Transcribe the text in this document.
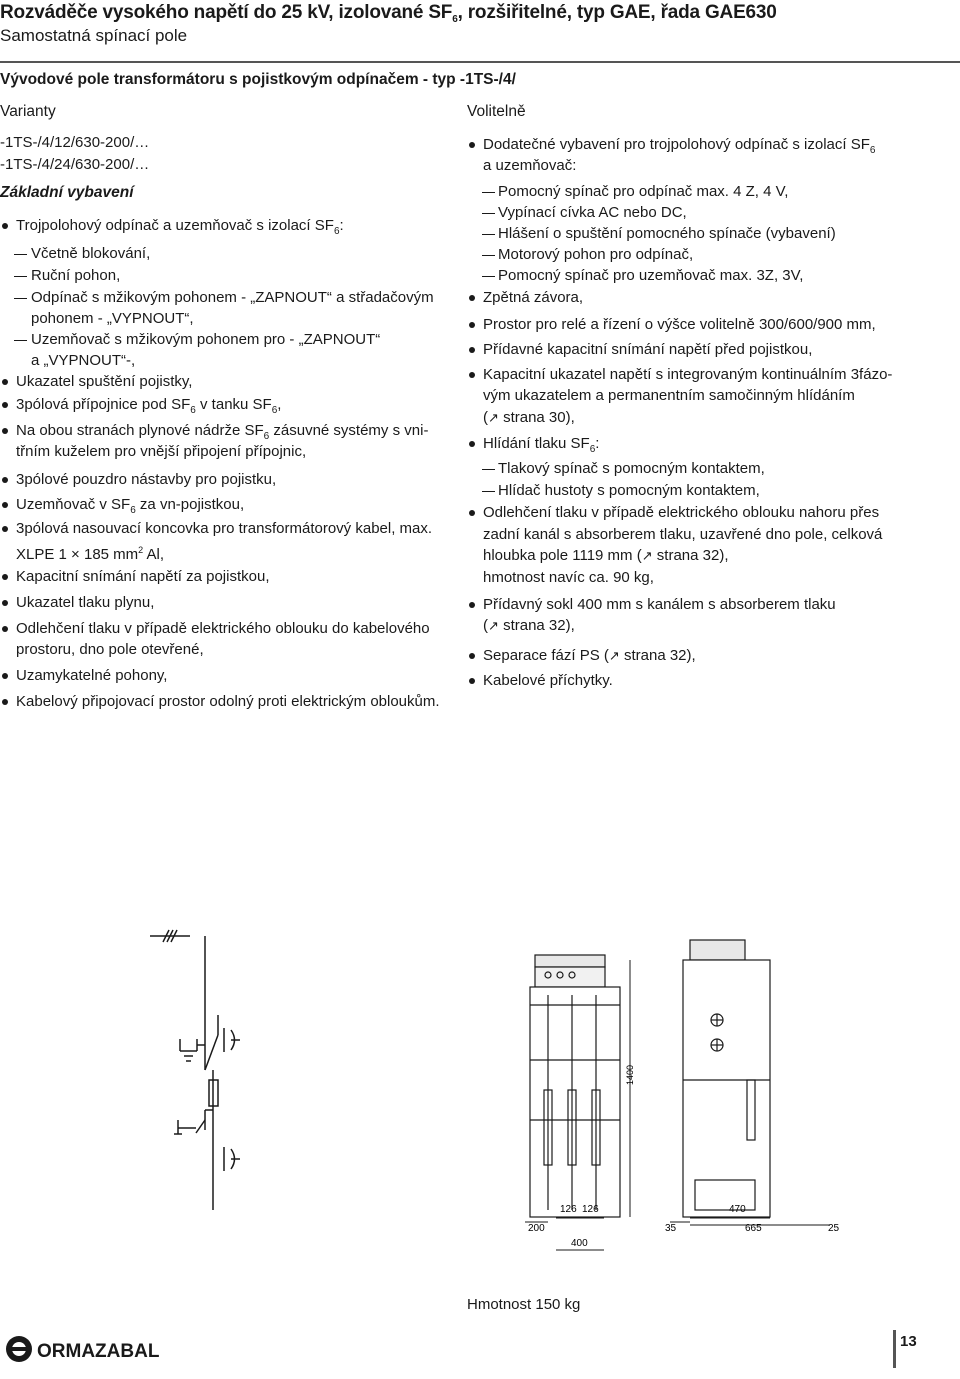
Rozváděče vysokého napětí do 25 kV, izolované $SF_6$, rozšiřitelné, typ GAE, řada GAE630
Samostatná spínací pole
Vývodové pole transformátoru s pojistkovým odpínačem - typ -1TS-/4/
Varianty
-1TS-/4/12/630-200/…
-1TS-/4/24/630-200/…
Základní vybavení
Trojpolohový odpínač a uzemňovač s izolací $SF_6$:
Včetně blokování,
Ruční pohon,
Odpínač s mžikovým pohonem - „ZAPNOUT“ a střadačovým
pohonem - „VYPNOUT“,
Uzemňovač s mžikovým pohonem pro - „ZAPNOUT“
a „VYPNOUT“-,
Ukazatel spuštění pojistky,
3pólová přípojnice pod $SF_6$ v tanku $SF_6$,
Na obou stranách plynové nádrže $SF_6$ zásuvné systémy s vni-
třním kuželem pro vnější připojení přípojnic,
3pólové pouzdro nástavby pro pojistku,
Uzemňovač v $SF_6$ za vn-pojistkou,
3pólová nasouvací koncovka pro transformátorový kabel, max.
XLPE 1 × 185 $mm^2$ Al,
Kapacitní snímání napětí za pojistkou,
Ukazatel tlaku plynu,
Odlehčení tlaku v případě elektrického oblouku do kabelového
prostoru, dno pole otevřené,
Uzamykatelné pohony,
Kabelový připojovací prostor odolný proti elektrickým obloukům.
Volitelně
Dodatečné vybavení pro trojpolohový odpínač s izolací $SF_6$
a uzemňovač:
Pomocný spínač pro odpínač max. 4 Z, 4 V,
Vypínací cívka AC nebo DC,
Hlášení o spuštění pomocného spínače (vybavení)
Motorový pohon pro odpínač,
Pomocný spínač pro uzemňovač max. 3Z, 3V,
Zpětná závora,
Prostor pro relé a řízení o výšce volitelně 300/600/900 mm,
Přídavné kapacitní snímání napětí před pojistkou,
Kapacitní ukazatel napětí s integrovaným kontinuálním 3fázo-
vým ukazatelem a permanentním samočinným hlídáním
(↗ strana 30),
Hlídání tlaku $SF_6$:
Tlakový spínač s pomocným kontaktem,
Hlídač hustoty s pomocným kontaktem,
Odlehčení tlaku v případě elektrického oblouku nahoru přes
zadní kanál s absorberem tlaku, uzavřené dno pole, celková
hloubka pole 1119 mm (↗ strana 32),
hmotnost navíc ca. 90 kg,
Přídavný sokl 400 mm s kanálem s absorberem tlaku
(↗ strana 32),
Separace fází PS (↗ strana 32),
Kabelové příchytky.
1400
200
126 126
400
35
470
665	25
Hmotnost 150 kg
ORMAZABAL	13
